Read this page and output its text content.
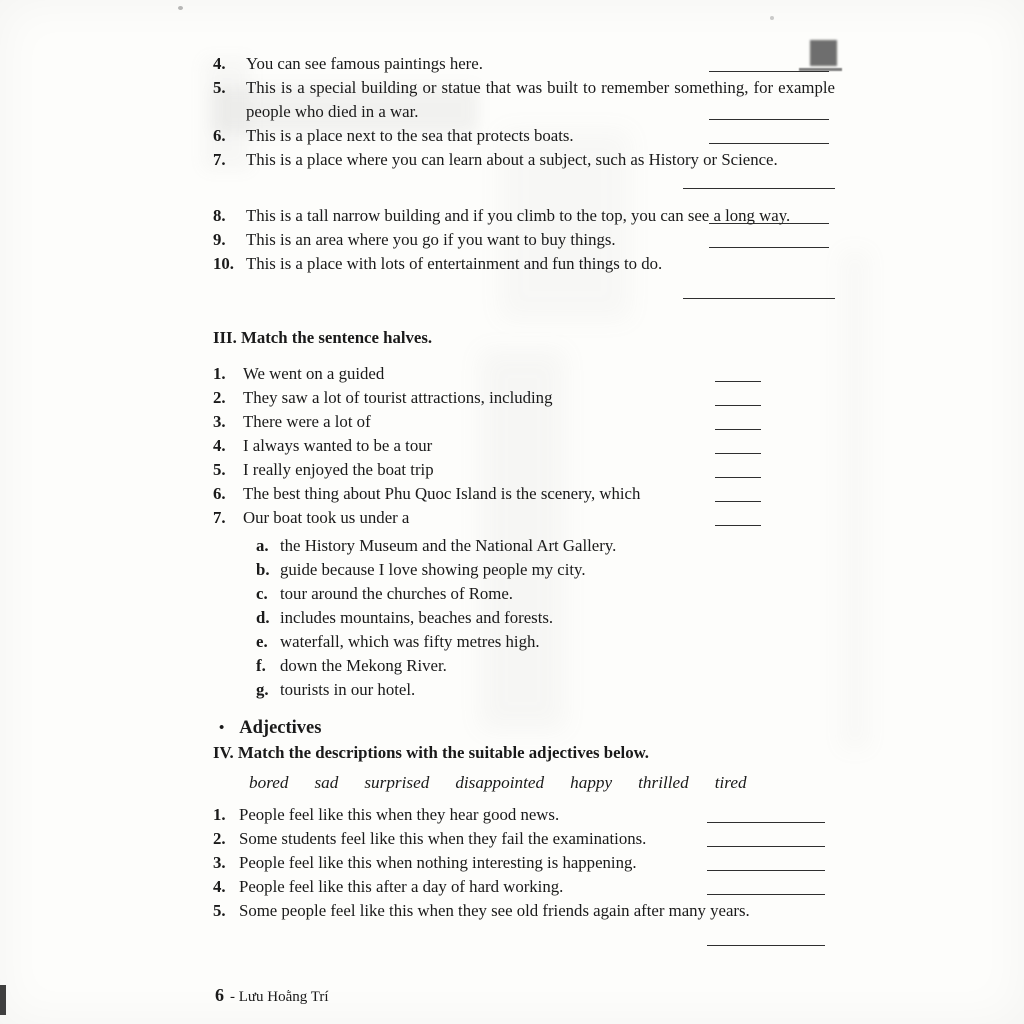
4.	You can see famous paintings here.
5.	This is a special building or statue that was built to remember something, for example people who died in a war.
6.	This is a place next to the sea that protects boats.
7.	This is a place where you can learn about a subject, such as History or Science.
8.	This is a tall narrow building and if you climb to the top, you can see a long way.
9.	This is an area where you go if you want to buy things.
10. This is a place with lots of entertainment and fun things to do.
III. Match the sentence halves.
1.	We went on a guided
2.	They saw a lot of tourist attractions, including
3.	There were a lot of
4.	I always wanted to be a tour
5.	I really enjoyed the boat trip
6.	The best thing about Phu Quoc Island is the scenery, which
7.	Our boat took us under a
a. the History Museum and the National Art Gallery.
b. guide because I love showing people my city.
c. tour around the churches of Rome.
d. includes mountains, beaches and forests.
e. waterfall, which was fifty metres high.
f. down the Mekong River.
g. tourists in our hotel.
• Adjectives
IV. Match the descriptions with the suitable adjectives below.
bored sad surprised disappointed happy thrilled tired
1. People feel like this when they hear good news.
2. Some students feel like this when they fail the examinations.
3. People feel like this when nothing interesting is happening.
4. People feel like this after a day of hard working.
5. Some people feel like this when they see old friends again after many years.
6 - Lưu Hoằng Trí
